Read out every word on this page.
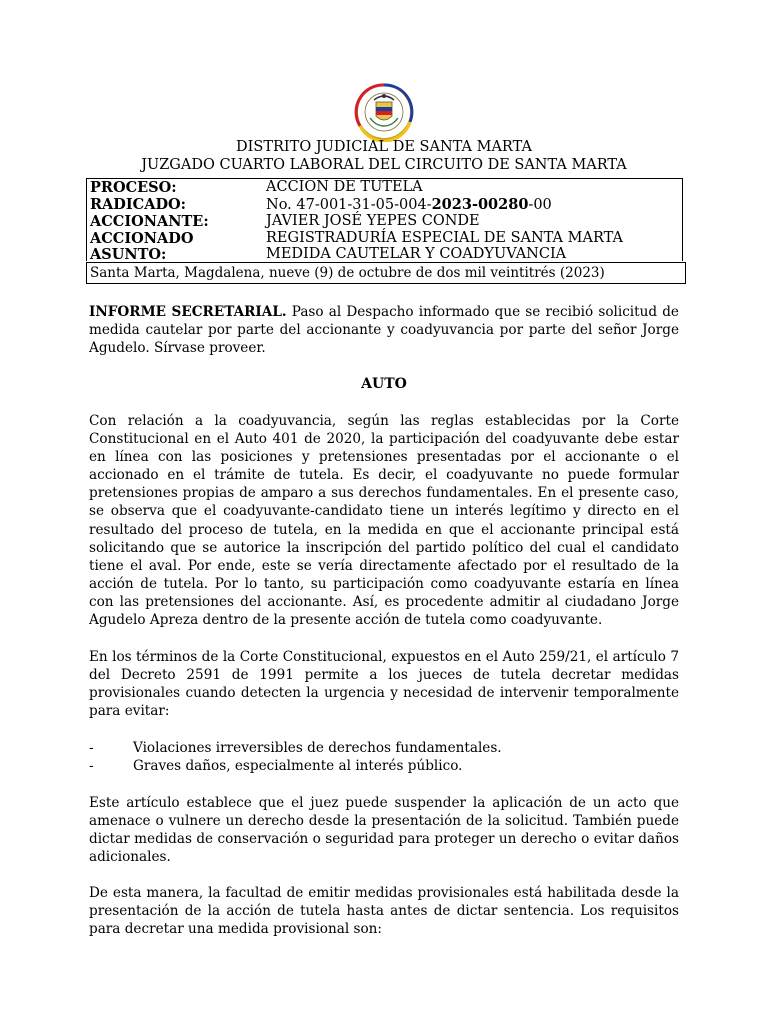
DISTRITO JUDICIAL DE SANTA MARTA
JUZGADO CUARTO LABORAL DEL CIRCUITO DE SANTA MARTA
PROCESO:	ACCION DE TUTELA
RADICADO:	No. 47-001-31-05-004-2023-00280-00
ACCIONANTE:	JAVIER JOSÉ YEPES CONDE
ACCIONADO	REGISTRADURÍA ESPECIAL DE SANTA MARTA
ASUNTO:	MEDIDA CAUTELAR Y COADYUVANCIA
Santa Marta, Magdalena, nueve (9) de octubre de dos mil veintitrés (2023)

INFORME SECRETARIAL. Paso al Despacho informado que se recibió solicitud de medida cautelar por parte del accionante y coadyuvancia por parte del señor Jorge Agudelo. Sírvase proveer.

AUTO

Con relación a la coadyuvancia, según las reglas establecidas por la Corte Constitucional en el Auto 401 de 2020, la participación del coadyuvante debe estar en línea con las posiciones y pretensiones presentadas por el accionante o el accionado en el trámite de tutela. Es decir, el coadyuvante no puede formular pretensiones propias de amparo a sus derechos fundamentales. En el presente caso, se observa que el coadyuvante-candidato tiene un interés legítimo y directo en el resultado del proceso de tutela, en la medida en que el accionante principal está solicitando que se autorice la inscripción del partido político del cual el candidato tiene el aval. Por ende, este se vería directamente afectado por el resultado de la acción de tutela. Por lo tanto, su participación como coadyuvante estaría en línea con las pretensiones del accionante. Así, es procedente admitir al ciudadano Jorge Agudelo Apreza dentro de la presente acción de tutela como coadyuvante.

En los términos de la Corte Constitucional, expuestos en el Auto 259/21, el artículo 7 del Decreto 2591 de 1991 permite a los jueces de tutela decretar medidas provisionales cuando detecten la urgencia y necesidad de intervenir temporalmente para evitar:

-	Violaciones irreversibles de derechos fundamentales.
-	Graves daños, especialmente al interés público.

Este artículo establece que el juez puede suspender la aplicación de un acto que amenace o vulnere un derecho desde la presentación de la solicitud. También puede dictar medidas de conservación o seguridad para proteger un derecho o evitar daños adicionales.

De esta manera, la facultad de emitir medidas provisionales está habilitada desde la presentación de la acción de tutela hasta antes de dictar sentencia. Los requisitos para decretar una medida provisional son:
